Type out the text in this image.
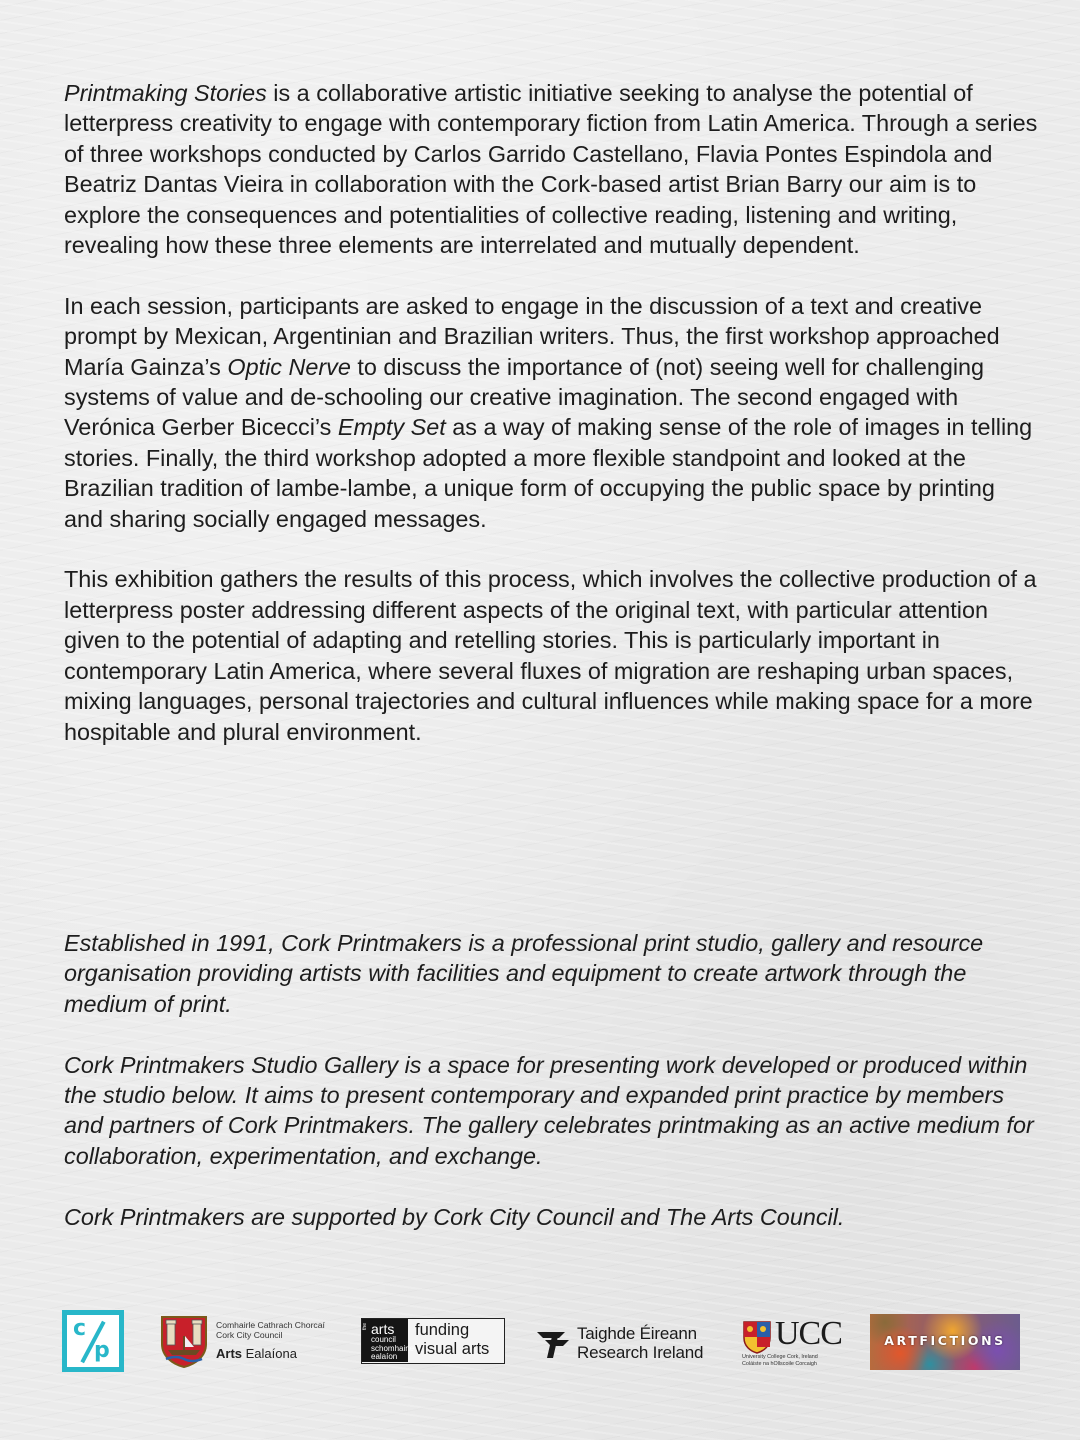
Printmaking Stories is a collaborative artistic initiative seeking to analyse the potential of letterpress creativity to engage with contemporary fiction from Latin America. Through a series of three workshops conducted by Carlos Garrido Castellano, Flavia Pontes Espindola and Beatriz Dantas Vieira in collaboration with the Cork-based artist Brian Barry our aim is to explore the consequences and potentialities of collective reading, listening and writing, revealing how these three elements are interrelated and mutually dependent.

In each session, participants are asked to engage in the discussion of a text and creative prompt by Mexican, Argentinian and Brazilian writers. Thus, the first workshop approached María Gainza’s Optic Nerve to discuss the importance of (not) seeing well for challenging systems of value and de-schooling our creative imagination. The second engaged with Verónica Gerber Bicecci’s Empty Set as a way of making sense of the role of images in telling stories. Finally, the third workshop adopted a more flexible standpoint and looked at the Brazilian tradition of lambe-lambe, a unique form of occupying the public space by printing and sharing socially engaged messages.

This exhibition gathers the results of this process, which involves the collective production of a letterpress poster addressing different aspects of the original text, with particular attention given to the potential of adapting and retelling stories. This is particularly important in contemporary Latin America, where several fluxes of migration are reshaping urban spaces, mixing languages, personal trajectories and cultural influences while making space for a more hospitable and plural environment.

Established in 1991, Cork Printmakers is a professional print studio, gallery and resource organisation providing artists with facilities and equipment to create artwork through the medium of print.

Cork Printmakers Studio Gallery is a space for presenting work developed or produced within the studio below. It aims to present contemporary and expanded print practice by members and partners of Cork Printmakers. The gallery celebrates printmaking as an active medium for collaboration, experimentation, and exchange.

Cork Printmakers are supported by Cork City Council and The Arts Council.

c
p
Comhairle Cathrach Chorcaí
Cork City Council
Arts Ealaíona
the arts
council
schomhairle
ealaíon
funding
visual arts
Taighde Éireann
Research Ireland
UCC
University College Cork, Ireland
Coláiste na hOllscoile Corcaigh
ARTFICTIONS
